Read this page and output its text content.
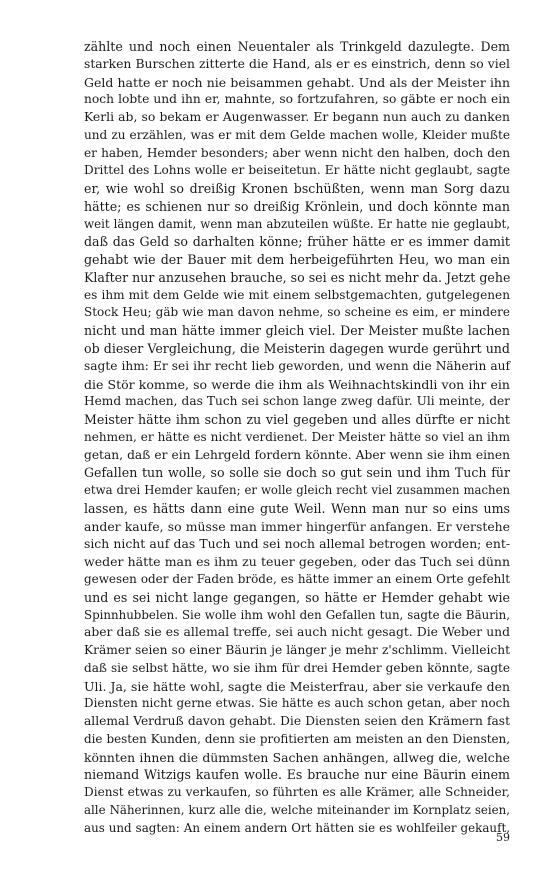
zählte und noch einen Neuentaler als Trinkgeld dazulegte. Dem
starken Burschen zitterte die Hand, als er es einstrich, denn so viel
Geld hatte er noch nie beisammen gehabt. Und als der Meister ihn
noch lobte und ihn er, mahnte, so fortzufahren, so gäbte er noch ein
Kerli ab, so bekam er Augenwasser. Er begann nun auch zu danken
und zu erzählen, was er mit dem Gelde machen wolle, Kleider mußte
er haben, Hemder besonders; aber wenn nicht den halben, doch den
Drittel des Lohns wolle er beiseitetun. Er hätte nicht geglaubt, sagte
er, wie wohl so dreißig Kronen bschüßten, wenn man Sorg dazu
hätte; es schienen nur so dreißig Krönlein, und doch könnte man
weit längen damit, wenn man abzuteilen wüßte. Er hatte nie geglaubt,
daß das Geld so darhalten könne; früher hätte er es immer damit
gehabt wie der Bauer mit dem herbeigeführten Heu, wo man ein
Klafter nur anzusehen brauche, so sei es nicht mehr da. Jetzt gehe
es ihm mit dem Gelde wie mit einem selbstgemachten, gutgelegenen
Stock Heu; gäb wie man davon nehme, so scheine es eim, er mindere
nicht und man hätte immer gleich viel. Der Meister mußte lachen
ob dieser Vergleichung, die Meisterin dagegen wurde gerührt und
sagte ihm: Er sei ihr recht lieb geworden, und wenn die Näherin auf
die Stör komme, so werde die ihm als Weihnachtskindli von ihr ein
Hemd machen, das Tuch sei schon lange zweg dafür. Uli meinte, der
Meister hätte ihm schon zu viel gegeben und alles dürfte er nicht
nehmen, er hätte es nicht verdienet. Der Meister hätte so viel an ihm
getan, daß er ein Lehrgeld fordern könnte. Aber wenn sie ihm einen
Gefallen tun wolle, so solle sie doch so gut sein und ihm Tuch für
etwa drei Hemder kaufen; er wolle gleich recht viel zusammen machen
lassen, es hätts dann eine gute Weil. Wenn man nur so eins ums
ander kaufe, so müsse man immer hingerfür anfangen. Er verstehe
sich nicht auf das Tuch und sei noch allemal betrogen worden; ent-
weder hätte man es ihm zu teuer gegeben, oder das Tuch sei dünn
gewesen oder der Faden bröde, es hätte immer an einem Orte gefehlt
und es sei nicht lange gegangen, so hätte er Hemder gehabt wie
Spinnhubbelen. Sie wolle ihm wohl den Gefallen tun, sagte die Bäurin,
aber daß sie es allemal treffe, sei auch nicht gesagt. Die Weber und
Krämer seien so einer Bäurin je länger je mehr z'schlimm. Vielleicht
daß sie selbst hätte, wo sie ihm für drei Hemder geben könnte, sagte
Uli. Ja, sie hätte wohl, sagte die Meisterfrau, aber sie verkaufe den
Diensten nicht gerne etwas. Sie hätte es auch schon getan, aber noch
allemal Verdruß davon gehabt. Die Diensten seien den Krämern fast
die besten Kunden, denn sie profitierten am meisten an den Diensten,
könnten ihnen die dümmsten Sachen anhängen, allweg die, welche
niemand Witzigs kaufen wolle. Es brauche nur eine Bäurin einem
Dienst etwas zu verkaufen, so führten es alle Krämer, alle Schneider,
alle Näherinnen, kurz alle die, welche miteinander im Kornplatz seien,
aus und sagten: An einem andern Ort hätten sie es wohlfeiler gekauft,
59
